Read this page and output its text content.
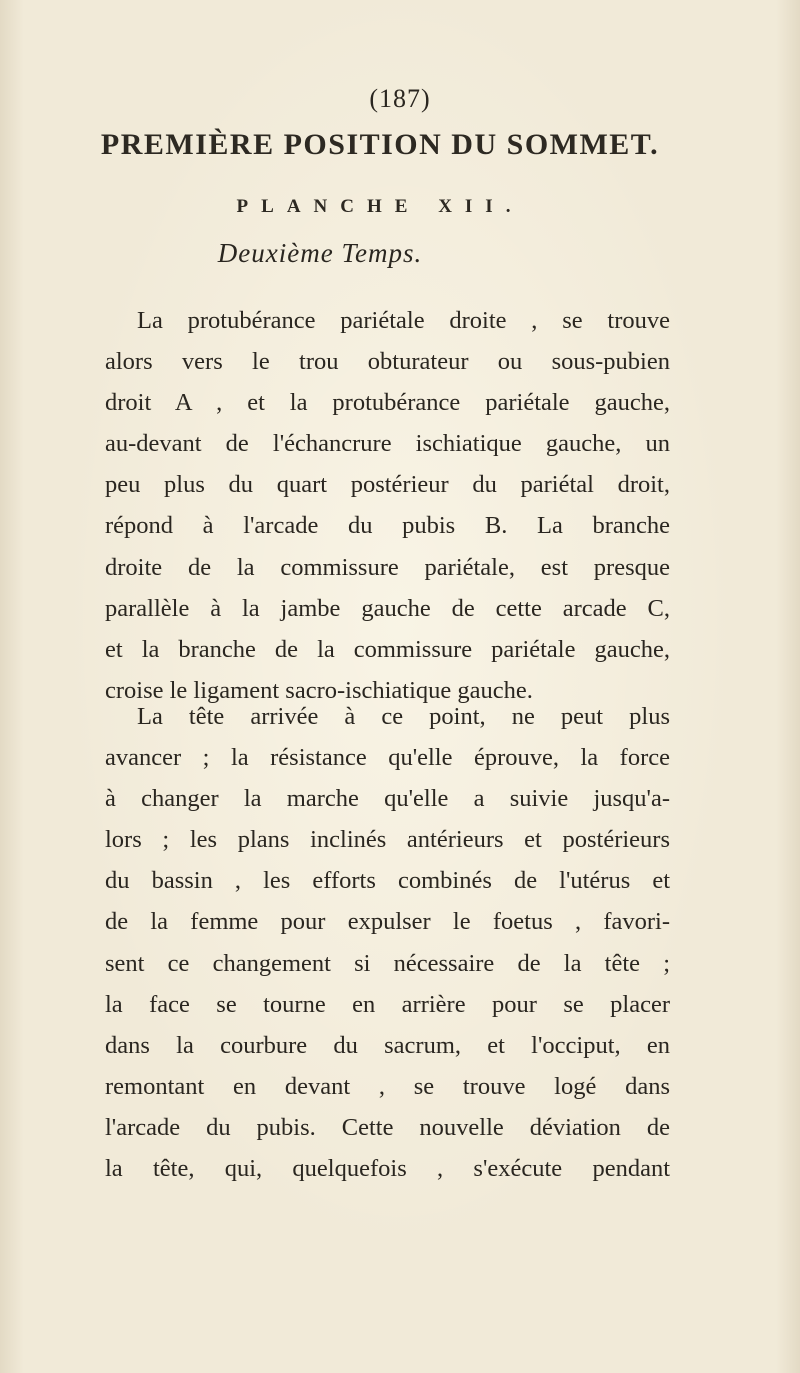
(187)
PREMIÈRE POSITION DU SOMMET.
PLANCHE XII.
Deuxième Temps.
La protubérance pariétale droite , se trouve
alors vers le trou obturateur ou sous-pubien
droit A , et la protubérance pariétale gauche,
au-devant de l'échancrure ischiatique gauche, un
peu plus du quart postérieur du pariétal droit,
répond à l'arcade du pubis B. La branche
droite de la commissure pariétale, est presque
parallèle à la jambe gauche de cette arcade C,
et la branche de la commissure pariétale gauche,
croise le ligament sacro-ischiatique gauche.
La tête arrivée à ce point, ne peut plus
avancer ; la résistance qu'elle éprouve, la force
à changer la marche qu'elle a suivie jusqu'a-
lors ; les plans inclinés antérieurs et postérieurs
du bassin , les efforts combinés de l'utérus et
de la femme pour expulser le foetus , favori-
sent ce changement si nécessaire de la tête ;
la face se tourne en arrière pour se placer
dans la courbure du sacrum, et l'occiput, en
remontant en devant , se trouve logé dans
l'arcade du pubis. Cette nouvelle déviation de
la tête, qui, quelquefois , s'exécute pendant
